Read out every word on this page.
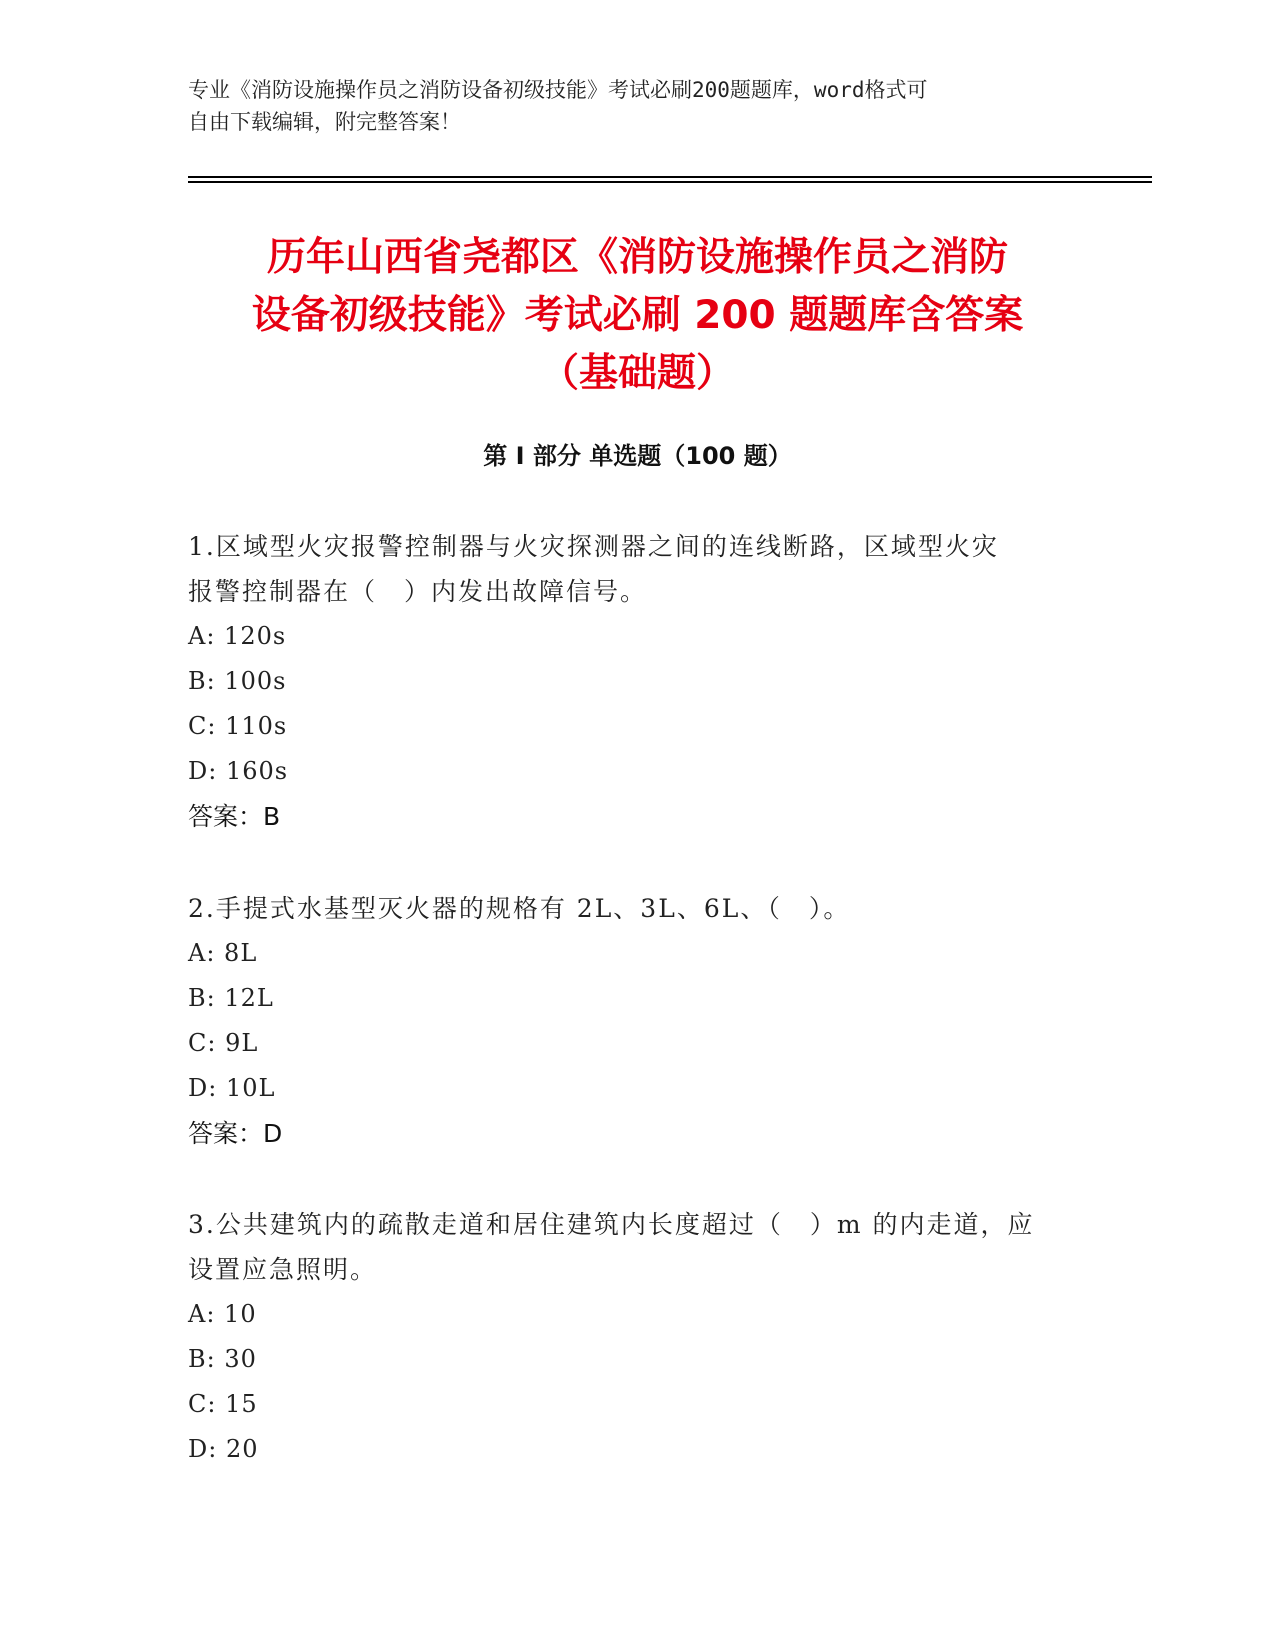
专业《消防设施操作员之消防设备初级技能》考试必刷200题题库，word格式可
自由下载编辑，附完整答案！
历年山西省尧都区《消防设施操作员之消防
设备初级技能》考试必刷 200 题题库含答案
（基础题）
第 I 部分 单选题（100 题）
1.区域型火灾报警控制器与火灾探测器之间的连线断路，区域型火灾
报警控制器在（　）内发出故障信号。
A: 120s
B: 100s
C: 110s
D: 160s
答案：B
2.手提式水基型灭火器的规格有 2L、3L、6L、（　）。
A: 8L
B: 12L
C: 9L
D: 10L
答案：D
3.公共建筑内的疏散走道和居住建筑内长度超过（　）m 的内走道，应
设置应急照明。
A: 10
B: 30
C: 15
D: 20
